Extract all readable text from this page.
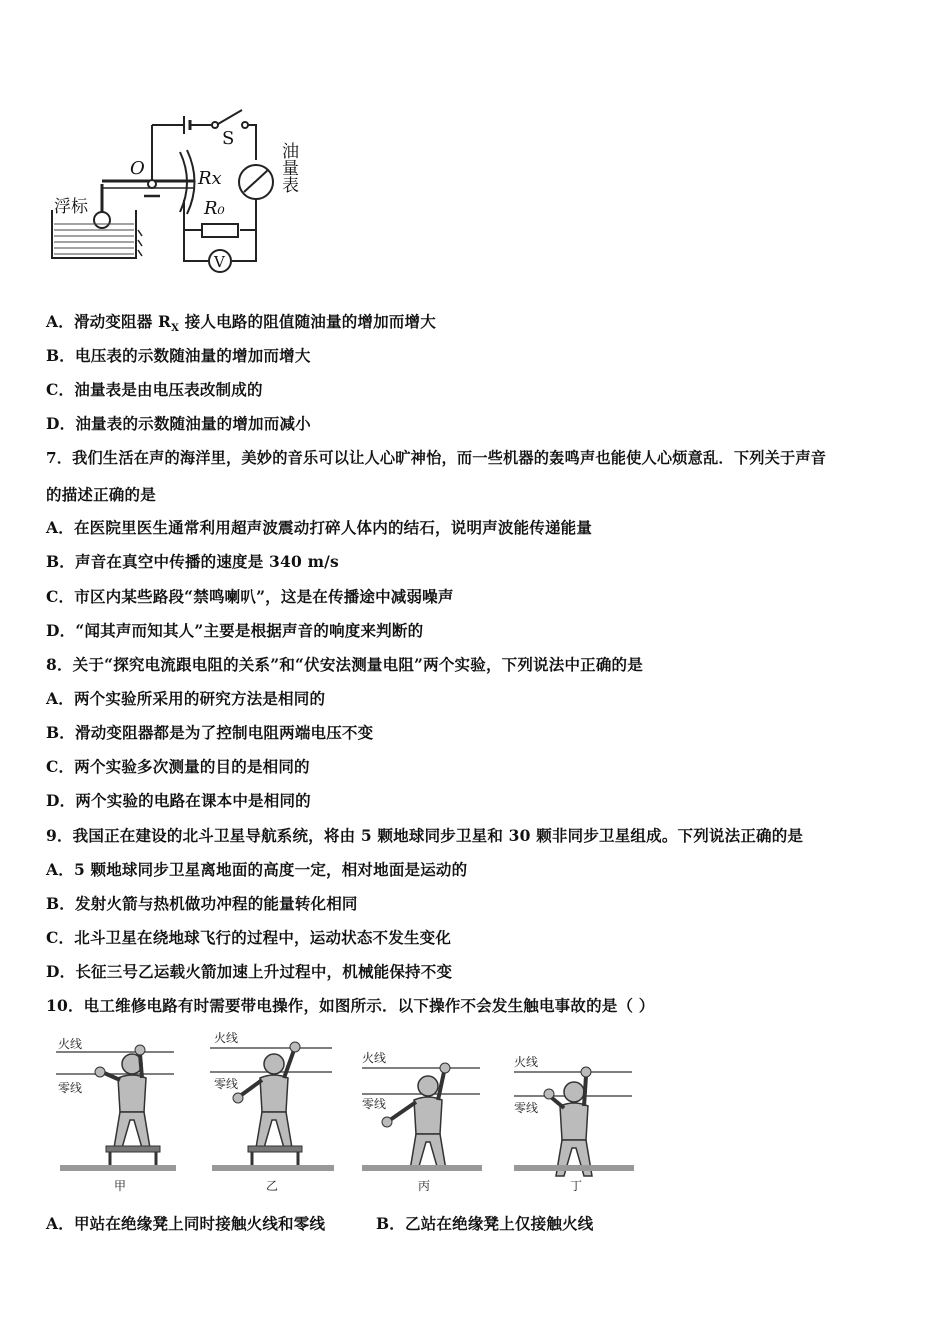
O	Rx
R₀
S
V
浮标
油量表
A．滑动变阻器 $R_X$ 接人电路的阻值随油量的增加而增大
B．电压表的示数随油量的增加而增大
C．油量表是由电压表改制成的
D．油量表的示数随油量的增加而减小
7．我们生活在声的海洋里，美妙的音乐可以让人心旷神怡，而一些机器的轰鸣声也能使人心烦意乱．下列关于声音
的描述正确的是
A．在医院里医生通常利用超声波震动打碎人体内的结石，说明声波能传递能量
B．声音在真空中传播的速度是 340 m/s
C．市区内某些路段“禁鸣喇叭”，这是在传播途中减弱噪声
D．“闻其声而知其人”主要是根据声音的响度来判断的
8．关于“探究电流跟电阻的关系”和“伏安法测量电阻”两个实验，下列说法中正确的是
A．两个实验所采用的研究方法是相同的
B．滑动变阻器都是为了控制电阻两端电压不变
C．两个实验多次测量的目的是相同的
D．两个实验的电路在课本中是相同的
9．我国正在建设的北斗卫星导航系统，将由 5 颗地球同步卫星和 30 颗非同步卫星组成。下列说法正确的是
A．5 颗地球同步卫星离地面的高度一定，相对地面是运动的
B．发射火箭与热机做功冲程的能量转化相同
C．北斗卫星在绕地球飞行的过程中，运动状态不发生变化
D．长征三号乙运载火箭加速上升过程中，机械能保持不变
10．电工维修电路有时需要带电操作，如图所示．以下操作不会发生触电事故的是（ ）
火线
零线
甲
火线
零线
乙
火线
零线
丙
火线
零线
丁
A．甲站在绝缘凳上同时接触火线和零线	B．乙站在绝缘凳上仅接触火线
